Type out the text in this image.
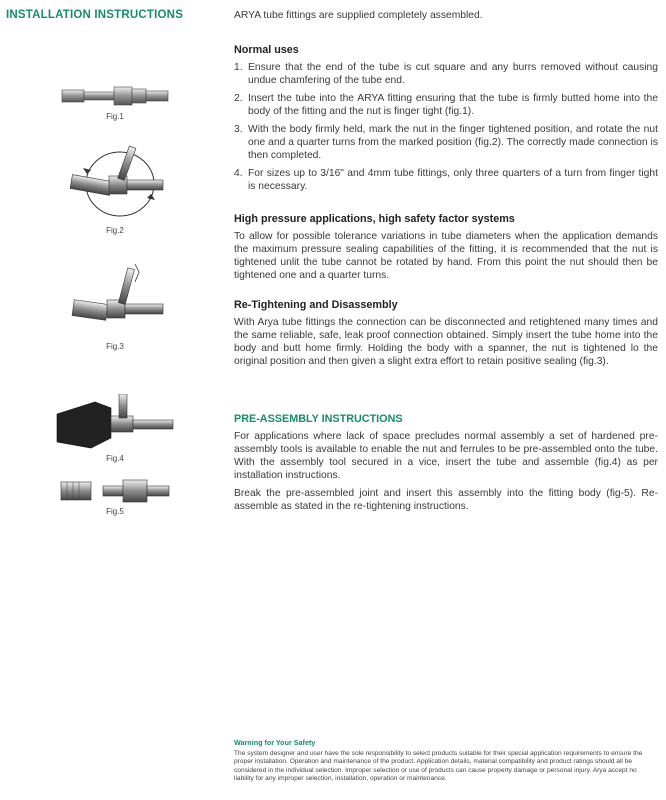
INSTALLATION INSTRUCTIONS
Fig.1
Fig.2
Fig.3
Fig.4
Fig.5

ARYA tube fittings are supplied completely assembled.

Normal uses
1. Ensure that the end of the tube is cut square and any burrs removed without causing undue chamfering of the tube end.
2. Insert the tube into the ARYA fitting ensuring that the tube is firmly butted home into the body of the fitting and the nut is finger tight (fig.1).
3. With the body firmly held, mark the nut in the finger tightened position, and rotate the nut one and a quarter turns from the marked position (fig.2). The correctly made connection is then completed.
4. For sizes up to 3/16" and 4mm tube fittings, only three quarters of a turn from finger tight is necessary.
High pressure applications, high safety factor systems

To allow for possible tolerance variations in tube diameters when the application demands the maximum pressure sealing capabilities of the fitting, it is recommended that the nut is tightened unlit the tube cannot be rotated by hand. From this point the nut should then be tightened one and a quarter turns.

Re-Tightening and Disassembly

With Arya tube fittings the connection can be disconnected and retightened many times and the same reliable, safe, leak proof connection obtained. Simply insert the tube home into the body and butt home firmly. Holding the body with a spanner, the nut is tightened lo the original position and then given a slight extra effort to retain positive sealing (fig.3).

PRE-ASSEMBLY INSTRUCTIONS

For applications where lack of space precludes normal assembly a set of hardened pre-assembly tools is available to enable the nut and ferrules to be pre-assembled onto the tube. With the assembly tool secured in a vice, insert the tube and assemble (fig.4) as per installation instructions.

Break the pre-assembled joint and insert this assembly into the fitting body (fig-5). Re-assemble as stated in the re-tightening instructions.

Warning for Your Safety
The system designer and user have the sole responsibility to select products suitable for their special application requirements to ensure the proper installation. Operation and maintenance of the product. Application details, material compatibility and product ratings should all be considered in the individual selection. Improper selection or use of products can cause property damage or personal injury. Arya accept no liability for any improper selection, installation, operation or maintenance.
